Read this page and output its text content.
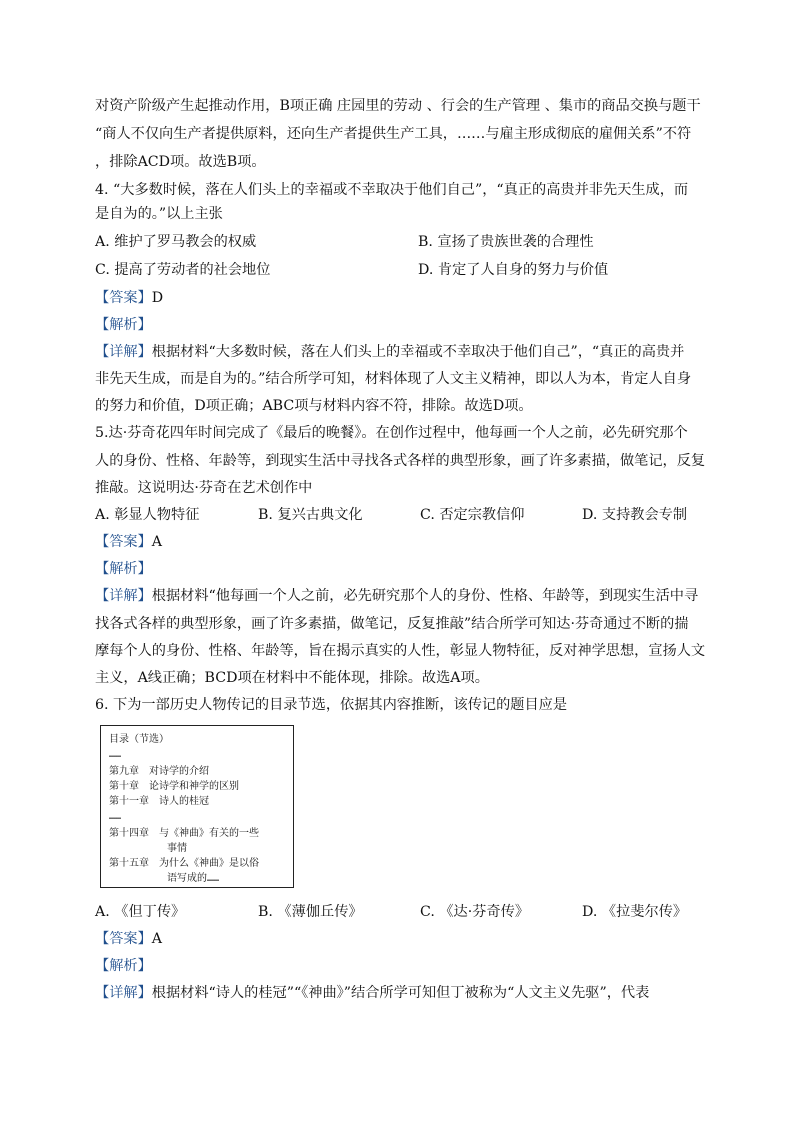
对资产阶级产生起推动作用，B项正确 庄园里的劳动 、行会的生产管理 、集市的商品交换与题干
“商人不仅向生产者提供原料，还向生产者提供生产工具，……与雇主形成彻底的雇佣关系”不符
，排除ACD项。故选B项。
4. “大多数时候，落在人们头上的幸福或不幸取决于他们自己”，“真正的高贵并非先天生成，而
是自为的。”以上主张
A. 维护了罗马教会的权威	B. 宣扬了贵族世袭的合理性
C. 提高了劳动者的社会地位	D. 肯定了人自身的努力与价值
【答案】D
【解析】
【详解】根据材料“大多数时候，落在人们头上的幸福或不幸取决于他们自己”，“真正的高贵并
非先天生成，而是自为的。”结合所学可知，材料体现了人文主义精神，即以人为本，肯定人自身
的努力和价值，D项正确；ABC项与材料内容不符，排除。故选D项。
5.达·芬奇花四年时间完成了《最后的晚餐》。在创作过程中，他每画一个人之前，必先研究那个
人的身份、性格、年龄等，到现实生活中寻找各式各样的典型形象，画了许多素描，做笔记，反复
推敲。这说明达·芬奇在艺术创作中
A. 彰显人物特征	B. 复兴古典文化	C. 否定宗教信仰	D. 支持教会专制
【答案】A
【解析】
【详解】根据材料“他每画一个人之前，必先研究那个人的身份、性格、年龄等，到现实生活中寻
找各式各样的典型形象，画了许多素描，做笔记，反复推敲”结合所学可知达·芬奇通过不断的揣
摩每个人的身份、性格、年龄等，旨在揭示真实的人性，彰显人物特征，反对神学思想，宣扬人文
主义，A线正确；BCD项在材料中不能体现，排除。故选A项。
6. 下为一部历史人物传记的目录节选，依据其内容推断，该传记的题目应是
目录（节选）
……
第九章　对诗学的介绍
第十章　论诗学和神学的区别
第十一章　诗人的桂冠
……
第十四章　与《神曲》有关的一些
事情
第十五章　为什么《神曲》是以俗
语写成的……
A. 《但丁传》	B. 《薄伽丘传》	C. 《达·芬奇传》	D. 《拉斐尔传》
【答案】A
【解析】
【详解】根据材料“诗人的桂冠”“《神曲》”结合所学可知但丁被称为“人文主义先驱”，代表
